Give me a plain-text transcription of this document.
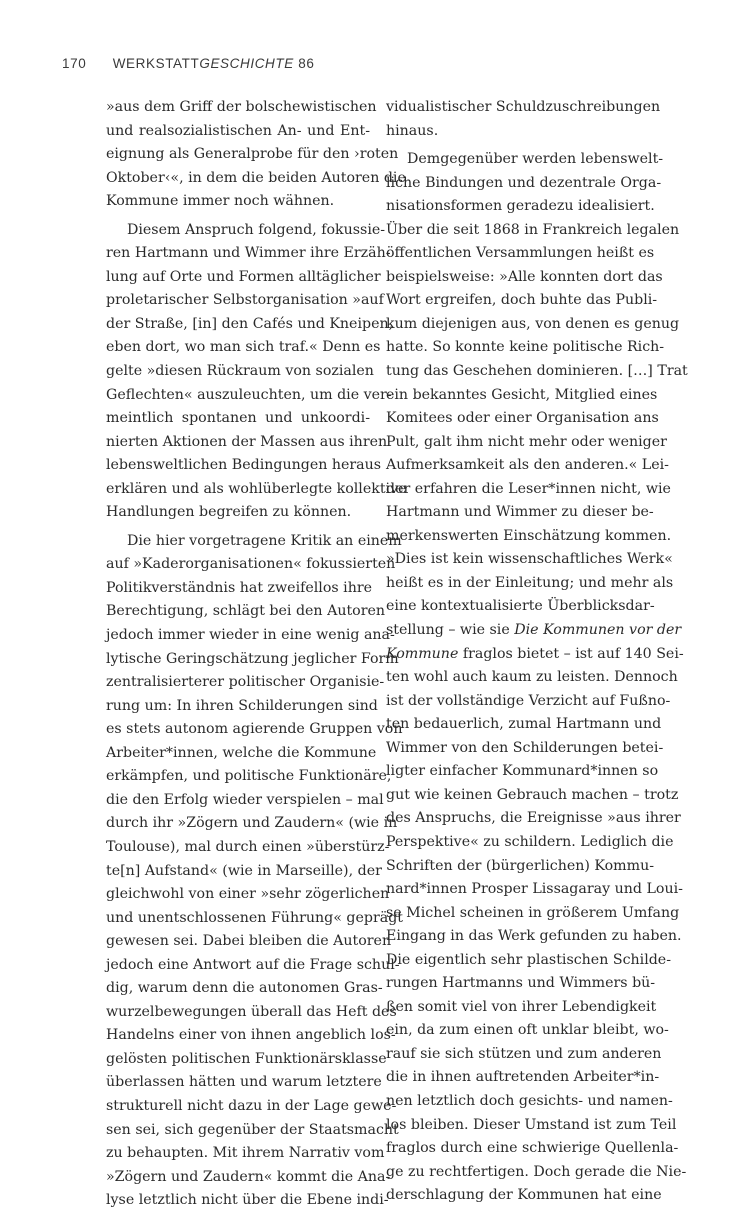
170 WERKSTATTGESCHICHTE 86
»aus dem Griff der bolschewistischen
und realsozialistischen An- und Ent-
eignung als Generalprobe für den ›roten
Oktober‹«, in dem die beiden Autoren die
Kommune immer noch wähnen.
Diesem Anspruch folgend, fokussie-
ren Hartmann und Wimmer ihre Erzäh-
lung auf Orte und Formen alltäglicher
proletarischer Selbstorganisation »auf
der Straße, [in] den Cafés und Kneipen,
eben dort, wo man sich traf.« Denn es
gelte »diesen Rückraum von sozialen
Geflechten« auszuleuchten, um die ver-
meintlich spontanen und unkoordi-
nierten Aktionen der Massen aus ihren
lebensweltlichen Bedingungen heraus
erklären und als wohlüberlegte kollektive
Handlungen begreifen zu können.
Die hier vorgetragene Kritik an einem
auf »Kaderorganisationen« fokussierten
Politikverständnis hat zweifellos ihre
Berechtigung, schlägt bei den Autoren
jedoch immer wieder in eine wenig ana-
lytische Geringschätzung jeglicher Form
zentralisierterer politischer Organisie-
rung um: In ihren Schilderungen sind
es stets autonom agierende Gruppen von
Arbeiter*innen, welche die Kommune
erkämpfen, und politische Funktionäre,
die den Erfolg wieder verspielen – mal
durch ihr »Zögern und Zaudern« (wie in
Toulouse), mal durch einen »überstürz-
te[n] Aufstand« (wie in Marseille), der
gleichwohl von einer »sehr zögerlichen
und unentschlossenen Führung« geprägt
gewesen sei. Dabei bleiben die Autoren
jedoch eine Antwort auf die Frage schul-
dig, warum denn die autonomen Gras-
wurzelbewegungen überall das Heft des
Handelns einer von ihnen angeblich los-
gelösten politischen Funktionärsklasse
überlassen hätten und warum letztere
strukturell nicht dazu in der Lage gewe-
sen sei, sich gegenüber der Staatsmacht
zu behaupten. Mit ihrem Narrativ vom
»Zögern und Zaudern« kommt die Ana-
lyse letztlich nicht über die Ebene indi-
vidualistischer Schuldzuschreibungen
hinaus.
Demgegenüber werden lebenswelt-
liche Bindungen und dezentrale Orga-
nisationsformen geradezu idealisiert.
Über die seit 1868 in Frankreich legalen
öffentlichen Versammlungen heißt es
beispielsweise: »Alle konnten dort das
Wort ergreifen, doch buhte das Publi-
kum diejenigen aus, von denen es genug
hatte. So konnte keine politische Rich-
tung das Geschehen dominieren. […] Trat
ein bekanntes Gesicht, Mitglied eines
Komitees oder einer Organisation ans
Pult, galt ihm nicht mehr oder weniger
Aufmerksamkeit als den anderen.« Lei-
der erfahren die Leser*innen nicht, wie
Hartmann und Wimmer zu dieser be-
merkenswerten Einschätzung kommen.
»Dies ist kein wissenschaftliches Werk«
heißt es in der Einleitung; und mehr als
eine kontextualisierte Überblicksdar-
stellung – wie sie Die Kommunen vor der
Kommune fraglos bietet – ist auf 140 Sei-
ten wohl auch kaum zu leisten. Dennoch
ist der vollständige Verzicht auf Fußno-
ten bedauerlich, zumal Hartmann und
Wimmer von den Schilderungen betei-
ligter einfacher Kommunard*innen so
gut wie keinen Gebrauch machen – trotz
des Anspruchs, die Ereignisse »aus ihrer
Perspektive« zu schildern. Lediglich die
Schriften der (bürgerlichen) Kommu-
nard*innen Prosper Lissagaray und Loui-
se Michel scheinen in größerem Umfang
Eingang in das Werk gefunden zu haben.
Die eigentlich sehr plastischen Schilde-
rungen Hartmanns und Wimmers bü-
ßen somit viel von ihrer Lebendigkeit
ein, da zum einen oft unklar bleibt, wo-
rauf sie sich stützen und zum anderen
die in ihnen auftretenden Arbeiter*in-
nen letztlich doch gesichts- und namen-
los bleiben. Dieser Umstand ist zum Teil
fraglos durch eine schwierige Quellenla-
ge zu rechtfertigen. Doch gerade die Nie-
derschlagung der Kommunen hat eine
